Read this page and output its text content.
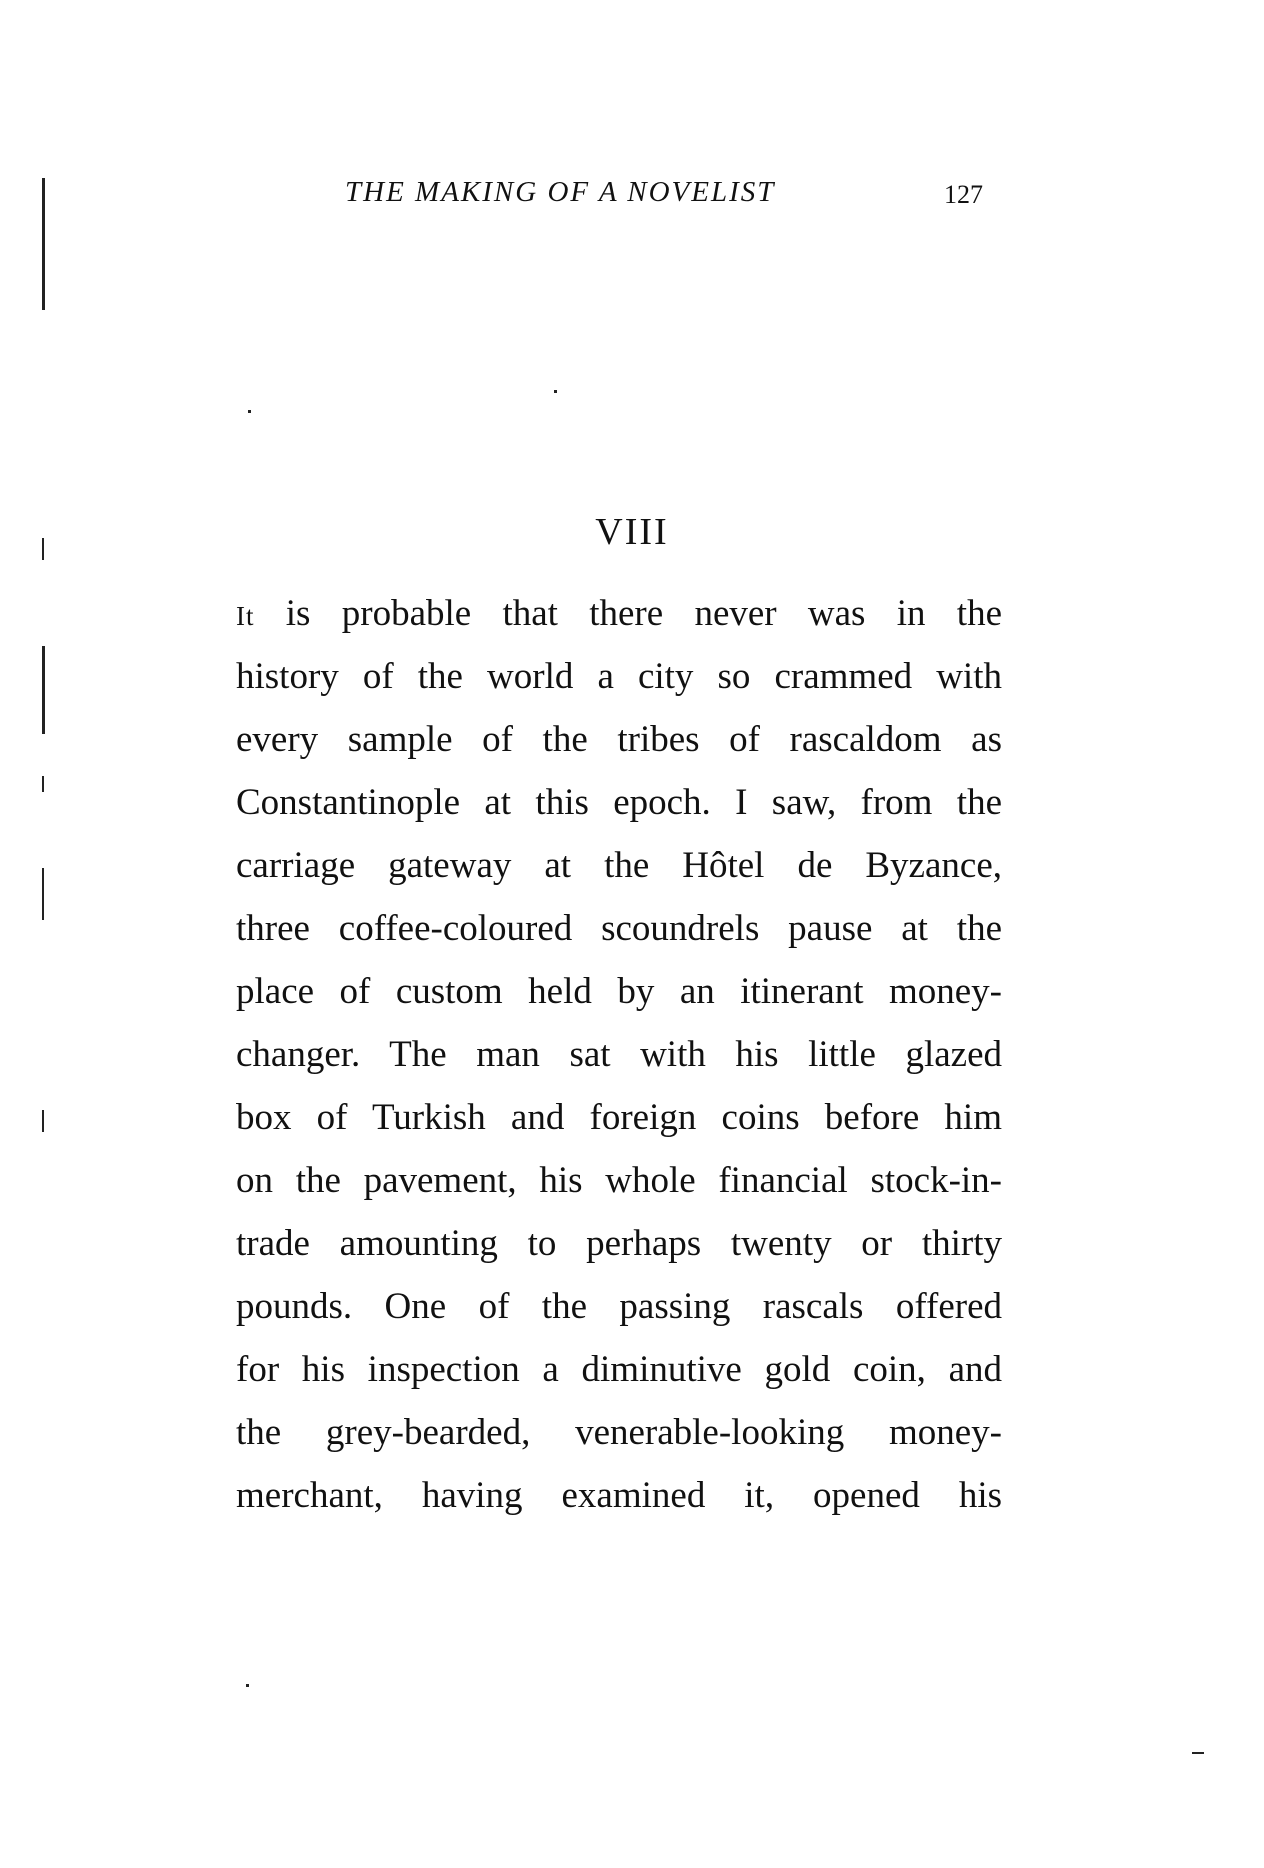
THE MAKING OF A NOVELIST	127
VIII
It is probable that there never was in the
history of the world a city so crammed with
every sample of the tribes of rascaldom as
Constantinople at this epoch. I saw, from the
carriage gateway at the Hôtel de Byzance,
three coffee-coloured scoundrels pause at the
place of custom held by an itinerant money-
changer. The man sat with his little glazed
box of Turkish and foreign coins before him
on the pavement, his whole financial stock-in-
trade amounting to perhaps twenty or thirty
pounds. One of the passing rascals offered
for his inspection a diminutive gold coin, and
the grey-bearded, venerable-looking money-
merchant, having examined it, opened his
